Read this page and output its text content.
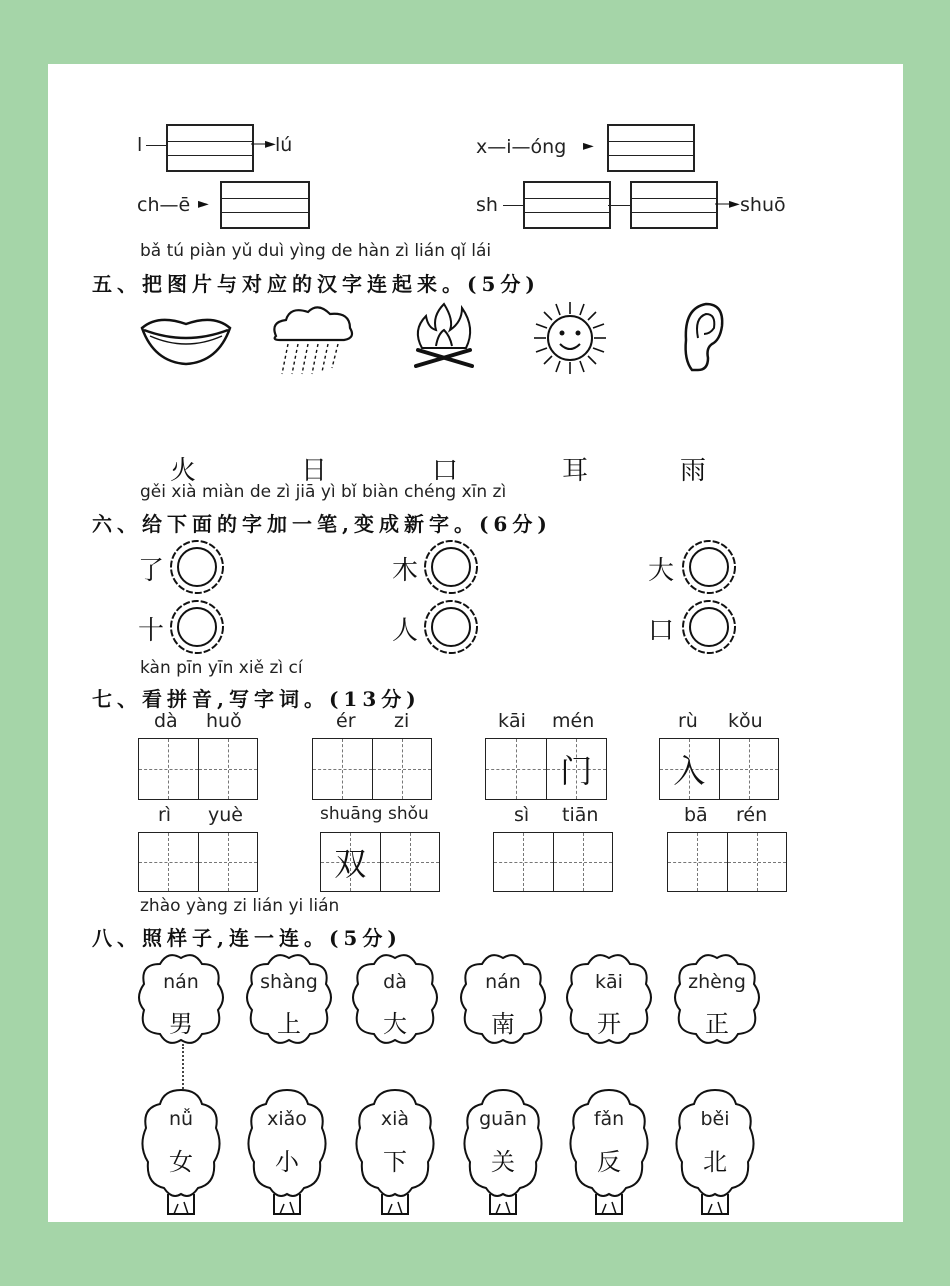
l	―► lú	x—i—óng ►
ch—ē ►	sh	―► shuō
bǎ tú piàn yǔ duì yìng de hàn zì lián qǐ lái
五、把图片与对应的汉字连起来。(5分)
火	日	口	耳	雨
gěi xià miàn de zì jiā yì bǐ biàn chéng xīn zì
六、给下面的字加一笔,变成新字。(6分)
了	木	大
十	人	口
kàn pīn yīn xiě zì cí
七、看拼音,写字词。(13分)
dà huǒ	ér zi	kāi mén	rù kǒu
门	入
rì yuè	shuāng shǒu	sì tiān	bā rén
双
zhào yàng zi lián yi lián
八、照样子,连一连。(5分)
nán
男
shàng
上
dà
大
nán
南
kāi
开
zhèng
正
nǚ
女
xiǎo
小
xià
下
guān
关
fǎn
反
běi
北
